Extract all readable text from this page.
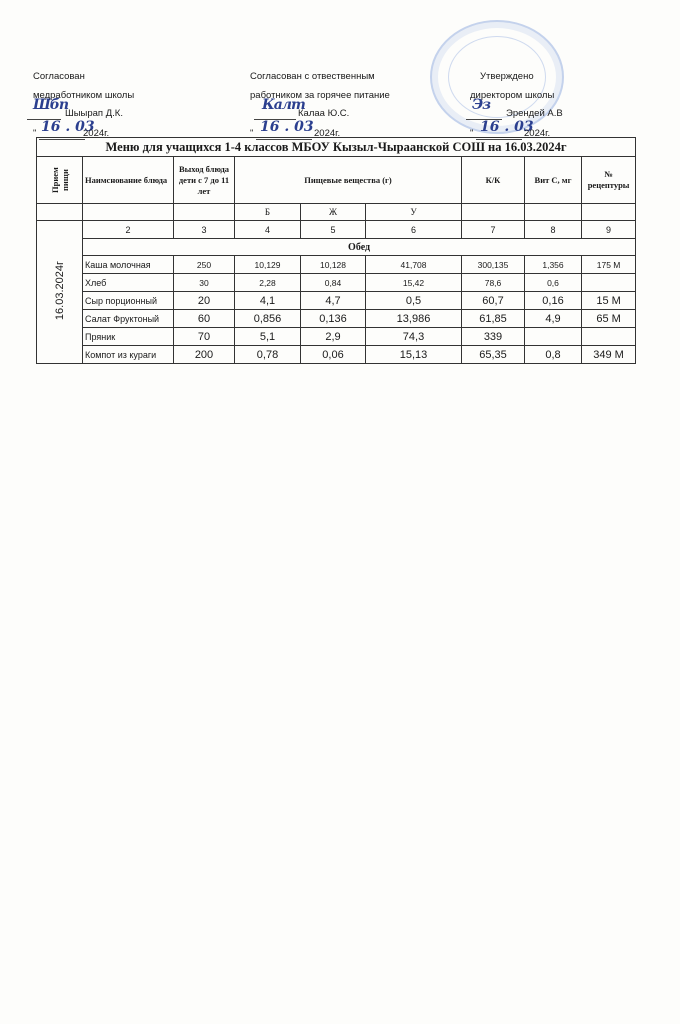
Согласован
медработником школы
Шбп
Шыырап Д.К.
" 16 . 03
2024г.
Согласован с отвественным
работником за горячее питание
Калт
Калаа Ю.С.
" 16 . 03 2024г.
Утверждено
директором школы
Эз
Эрендей А.В
" 16 . 03
2024г.
Меню для учащихся 1-4 классов МБОУ Кызыл-Чыраанской СОШ на 16.03.2024г								

Прием пищи	Наимснование блюда	Выход блюда дети с 7 до 11 лет	Пищевые вещества (г)			К/К	Вит С, мг	№ рецептуры
			Б	Ж	У			
16.03.2024г	2	3	4	5	6	7	8	9
	Обед							
	Каша молочная	250	10,129	10,128	41,708	300,135	1,356	175 М
	Хлеб	30	2,28	0,84	15,42	78,6	0,6	
	Сыр порционный	20	4,1	4,7	0,5	60,7	0,16	15 М
	Салат Фруктоный	60	0,856	0,136	13,986	61,85	4,9	65 М
	Пряник	70	5,1	2,9	74,3	339		
	Компот из кураги	200	0,78	0,06	15,13	65,35	0,8	349 М
